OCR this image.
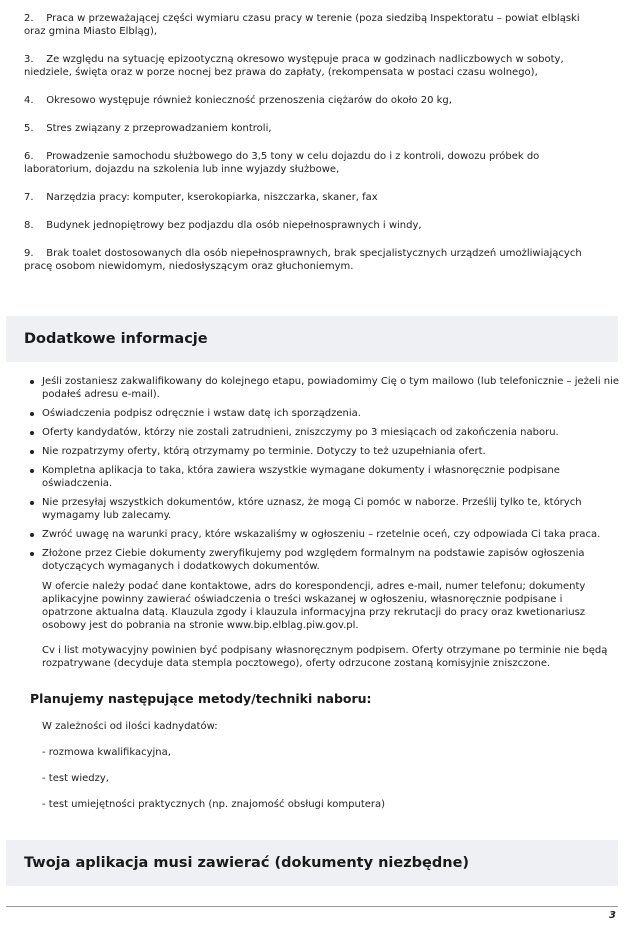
2.    Praca w przeważającej części wymiaru czasu pracy w terenie (poza siedzibą Inspektoratu – powiat elbląski oraz gmina Miasto Elbląg),

3.    Ze względu na sytuację epizootyczną okresowo występuje praca w godzinach nadliczbowych w soboty, niedziele, święta oraz w porze nocnej bez prawa do zapłaty, (rekompensata w postaci czasu wolnego),

4.    Okresowo występuje również konieczność przenoszenia ciężarów do około 20 kg,

5.    Stres związany z przeprowadzaniem kontroli,

6.    Prowadzenie samochodu służbowego do 3,5 tony w celu dojazdu do i z kontroli, dowozu próbek do laboratorium, dojazdu na szkolenia lub inne wyjazdy służbowe,

7.    Narzędzia pracy: komputer, kserokopiarka, niszczarka, skaner, fax

8.    Budynek jednopiętrowy bez podjazdu dla osób niepełnosprawnych i windy,

9.    Brak toalet dostosowanych dla osób niepełnosprawnych, brak specjalistycznych urządzeń umożliwiających pracę osobom niewidomym, niedosłyszącym oraz głuchoniemym.

Dodatkowe informacje
Jeśli zostaniesz zakwalifikowany do kolejnego etapu, powiadomimy Cię o tym mailowo (lub telefonicznie – jeżeli nie podałeś adresu e-mail).
Oświadczenia podpisz odręcznie i wstaw datę ich sporządzenia.
Oferty kandydatów, którzy nie zostali zatrudnieni, zniszczymy po 3 miesiącach od zakończenia naboru.
Nie rozpatrzymy oferty, którą otrzymamy po terminie. Dotyczy to też uzupełniania ofert.
Kompletna aplikacja to taka, która zawiera wszystkie wymagane dokumenty i własnoręcznie podpisane oświadczenia.
Nie przesyłaj wszystkich dokumentów, które uznasz, że mogą Ci pomóc w naborze. Prześlij tylko te, których wymagamy lub zalecamy.
Zwróć uwagę na warunki pracy, które wskazaliśmy w ogłoszeniu – rzetelnie oceń, czy odpowiada Ci taka praca.
Złożone przez Ciebie dokumenty zweryfikujemy pod względem formalnym na podstawie zapisów ogłoszenia dotyczących wymaganych i dodatkowych dokumentów.

W ofercie należy podać dane kontaktowe, adrs do korespondencji, adres e-mail, numer telefonu; dokumenty aplikacyjne powinny zawierać oświadczenia o treści wskazanej w ogłoszeniu, własnoręcznie podpisane i opatrzone aktualna datą. Klauzula zgody i klauzula informacyjna przy rekrutacji do pracy oraz kwetionariusz osobowy jest do pobrania na stronie www.bip.elblag.piw.gov.pl.

Cv i list motywacyjny powinien być podpisany własnoręcznym podpisem. Oferty otrzymane po terminie nie będą rozpatrywane (decyduje data stempla pocztowego), oferty odrzucone zostaną komisyjnie zniszczone.

Planujemy następujące metody/techniki naboru:

W zależności od ilości kadnydatów:

- rozmowa kwalifikacyjna,

- test wiedzy,

- test umiejętności praktycznych (np. znajomość obsługi komputera)

Twoja aplikacja musi zawierać (dokumenty niezbędne)
3
